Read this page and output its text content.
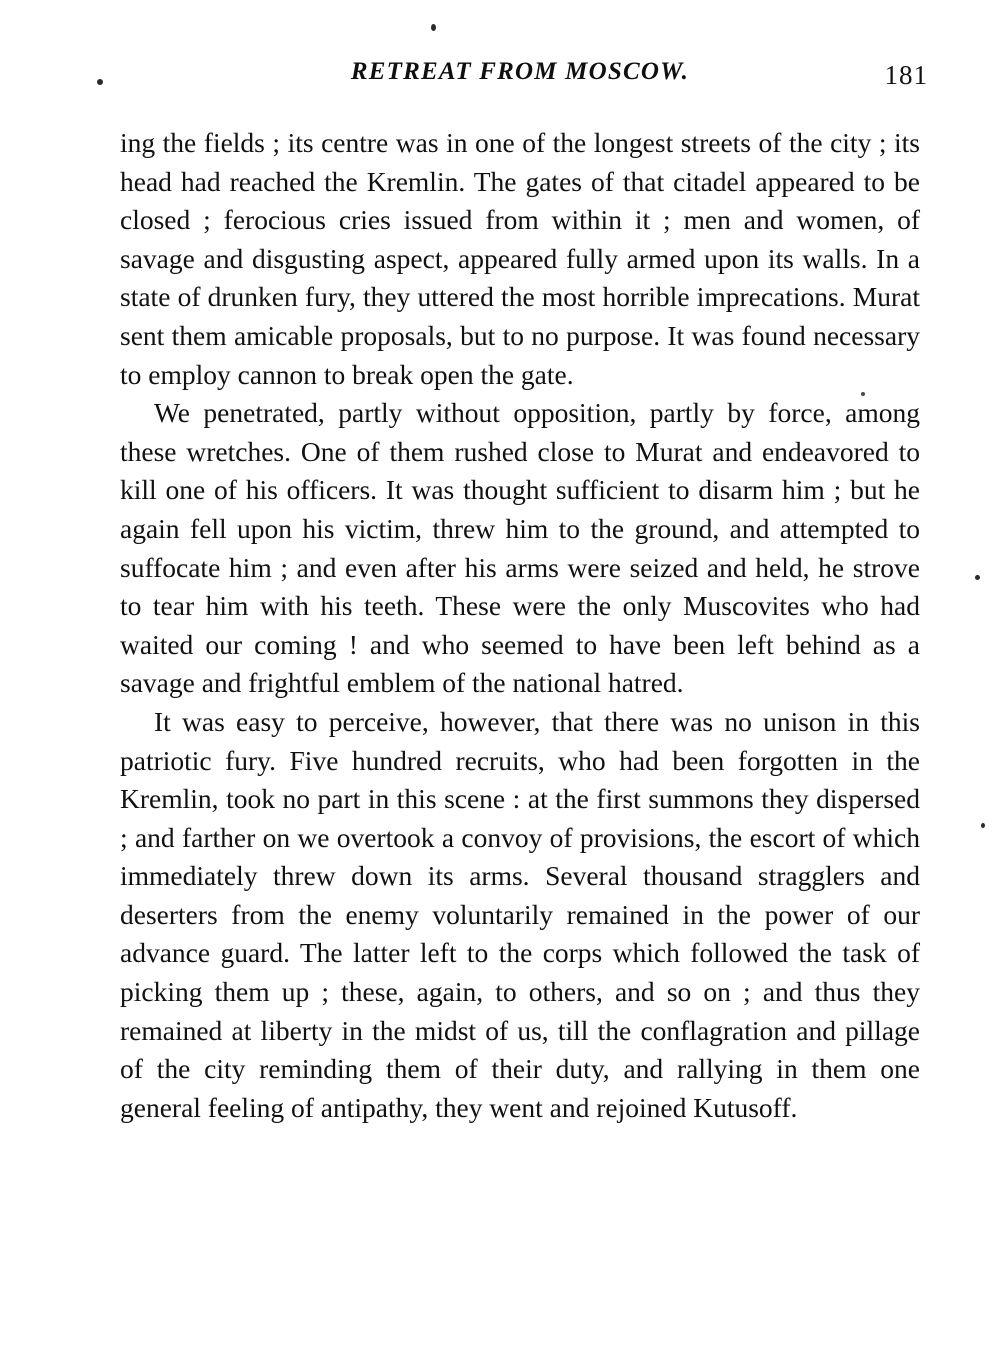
RETREAT FROM MOSCOW.	181

ing the fields ; its centre was in one of the longest streets of the city ; its head had reached the Kremlin. The gates of that citadel appeared to be closed ; ferocious cries issued from within it ; men and women, of savage and disgusting aspect, appeared fully armed upon its walls. In a state of drunken fury, they uttered the most horrible imprecations. Murat sent them amicable proposals, but to no purpose. It was found necessary to employ cannon to break open the gate.

We penetrated, partly without opposition, partly by force, among these wretches. One of them rushed close to Murat and endeavored to kill one of his officers. It was thought sufficient to disarm him ; but he again fell upon his victim, threw him to the ground, and attempted to suffocate him ; and even after his arms were seized and held, he strove to tear him with his teeth. These were the only Muscovites who had waited our coming ! and who seemed to have been left behind as a savage and frightful emblem of the national hatred.

It was easy to perceive, however, that there was no unison in this patriotic fury. Five hundred recruits, who had been forgotten in the Kremlin, took no part in this scene : at the first summons they dispersed ; and farther on we overtook a convoy of provisions, the escort of which immediately threw down its arms. Several thousand stragglers and deserters from the enemy voluntarily remained in the power of our advance guard. The latter left to the corps which followed the task of picking them up ; these, again, to others, and so on ; and thus they remained at liberty in the midst of us, till the conflagration and pillage of the city reminding them of their duty, and rallying in them one general feeling of antipathy, they went and rejoined Kutusoff.
